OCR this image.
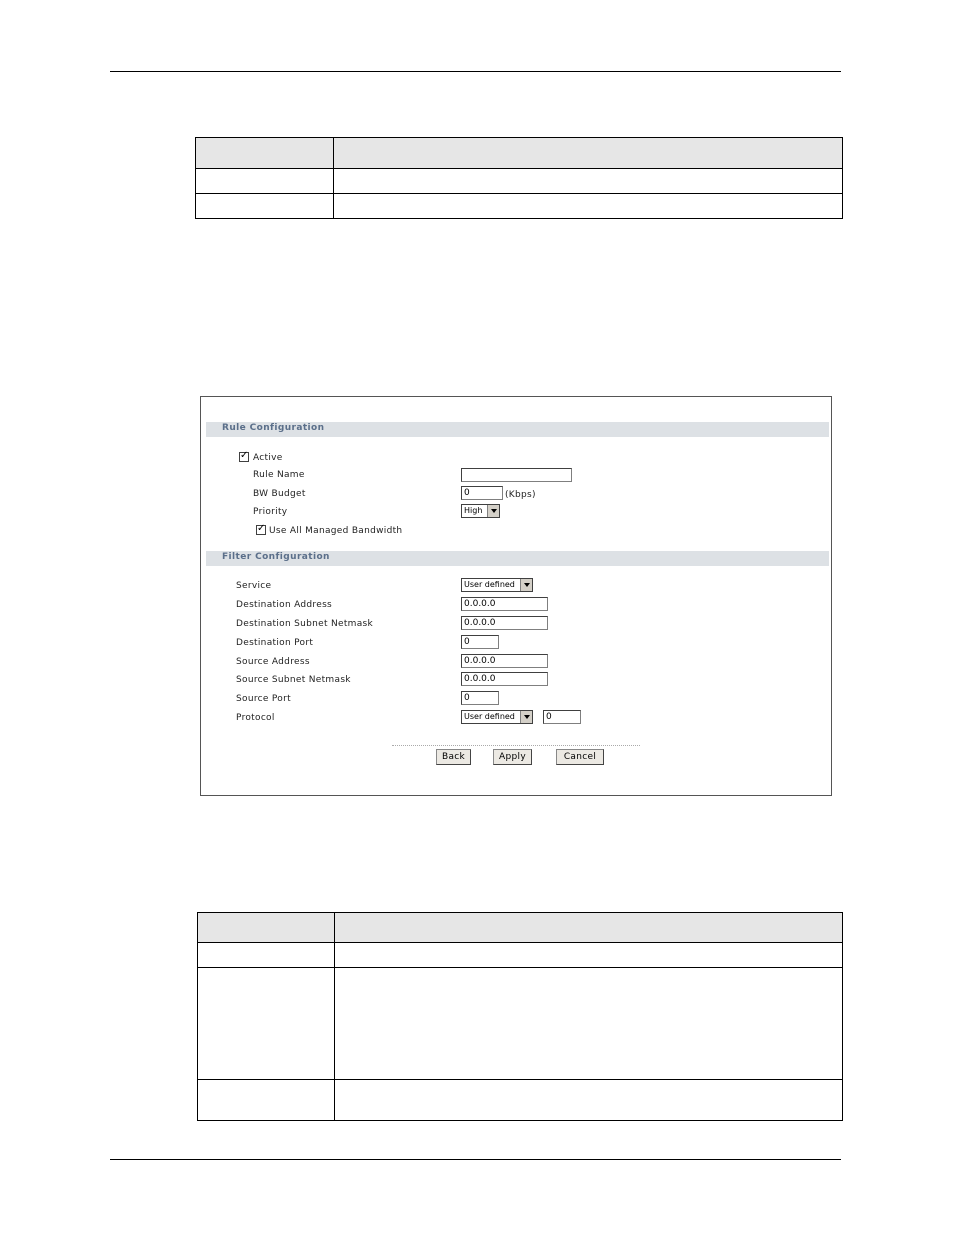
Rule Configuration
✓ Active
Rule Name
BW Budget	0	(Kbps)
Priority	High
✓ Use All Managed Bandwidth
Filter Configuration
Service	User defined
Destination Address	0.0.0.0
Destination Subnet Netmask	0.0.0.0
Destination Port	0
Source Address	0.0.0.0
Source Subnet Netmask	0.0.0.0
Source Port	0
Protocol	User defined	0
Back	Apply	Cancel
